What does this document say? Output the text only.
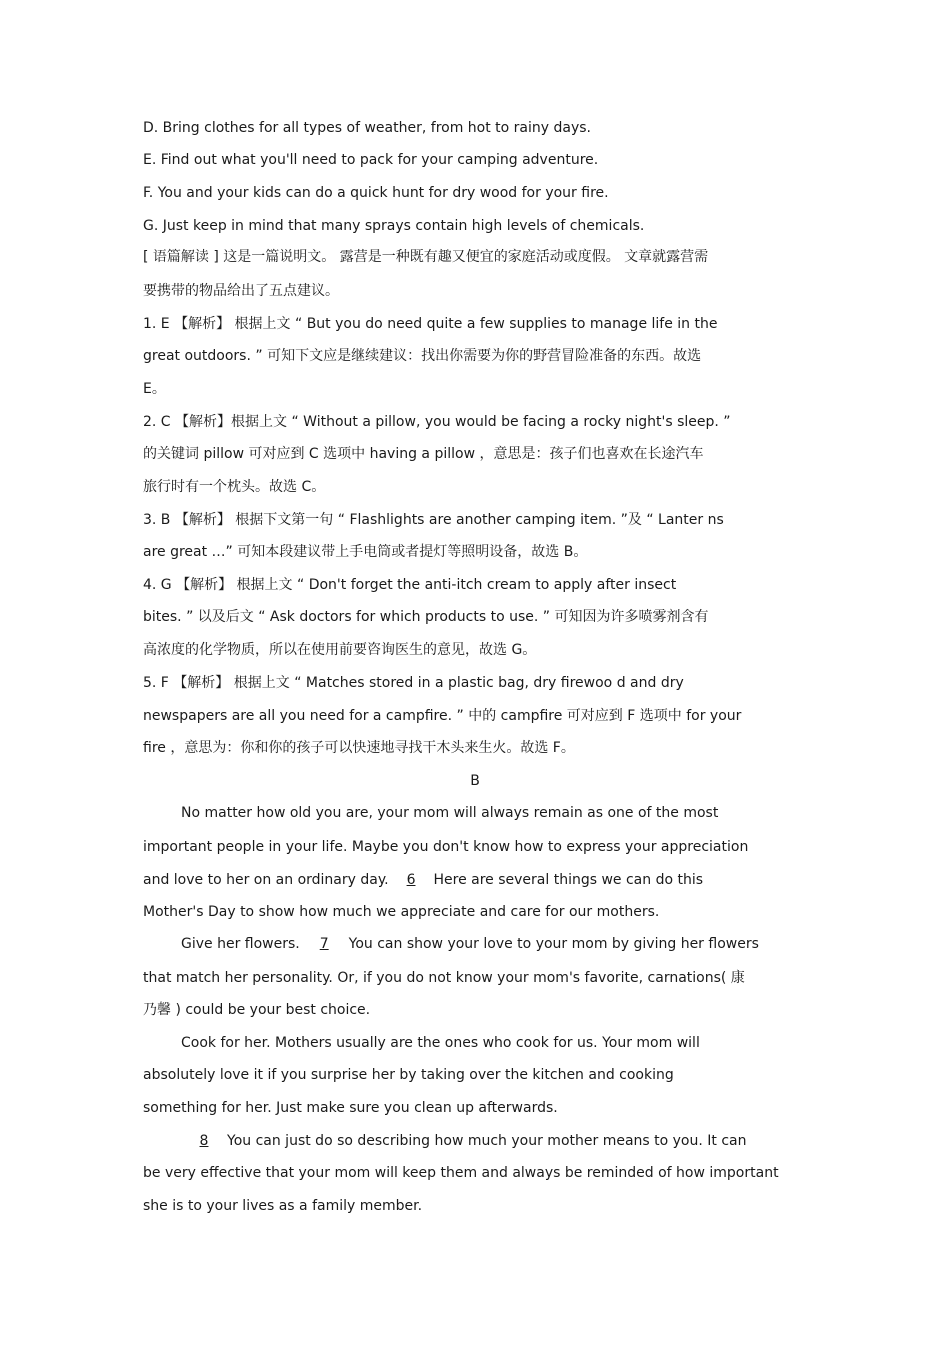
D. Bring clothes for all types of weather, from hot to rainy days.
E. Find out what you'll need to pack for your camping adventure.
F. You and your kids can do a quick hunt for dry wood for your fire.
G. Just keep in mind that many sprays contain high levels of chemicals.
[ 语篇解读 ] 这是一篇说明文。 露营是一种既有趣又便宜的家庭活动或度假。 文章就露营需
要携带的物品给出了五点建议。
1. E 【解析】 根据上文 “ But you do need quite a few supplies to manage life in the
great outdoors. ” 可知下文应是继续建议：找出你需要为你的野营冒险准备的东西。故选
E。
2. C 【解析】根据上文 “ Without a pillow, you would be facing a rocky night's sleep. ”
的关键词 pillow 可对应到 C 选项中 having a pillow ，意思是：孩子们也喜欢在长途汽车
旅行时有一个枕头。故选 C。
3. B 【解析】 根据下文第一句 “ Flashlights are another camping item. ”及 “ Lanter ns
are great …” 可知本段建议带上手电筒或者提灯等照明设备，故选 B。
4. G 【解析】 根据上文 “ Don't forget the anti-itch cream to apply after insect
bites. ” 以及后文 “ Ask doctors for which products to use. ” 可知因为许多喷雾剂含有
高浓度的化学物质，所以在使用前要咨询医生的意见，故选 G。
5. F 【解析】 根据上文 “ Matches stored in a plastic bag, dry firewoo d and dry
newspapers are all you need for a campfire. ” 中的 campfire 可对应到 F 选项中 for your
fire ，意思为：你和你的孩子可以快速地寻找干木头来生火。故选 F。
B
No matter how old you are, your mom will always remain as one of the most
important people in your life. Maybe you don't know how to express your appreciation
and love to her on an ordinary day. 6 Here are several things we can do this
Mother's Day to show how much we appreciate and care for our mothers.
Give her flowers. 7 You can show your love to your mom by giving her flowers
that match her personality. Or, if you do not know your mom's favorite, carnations( 康
乃馨 ) could be your best choice.
Cook for her. Mothers usually are the ones who cook for us. Your mom will
absolutely love it if you surprise her by taking over the kitchen and cooking
something for her. Just make sure you clean up afterwards.
8 You can just do so describing how much your mother means to you. It can
be very effective that your mom will keep them and always be reminded of how important
she is to your lives as a family member.
